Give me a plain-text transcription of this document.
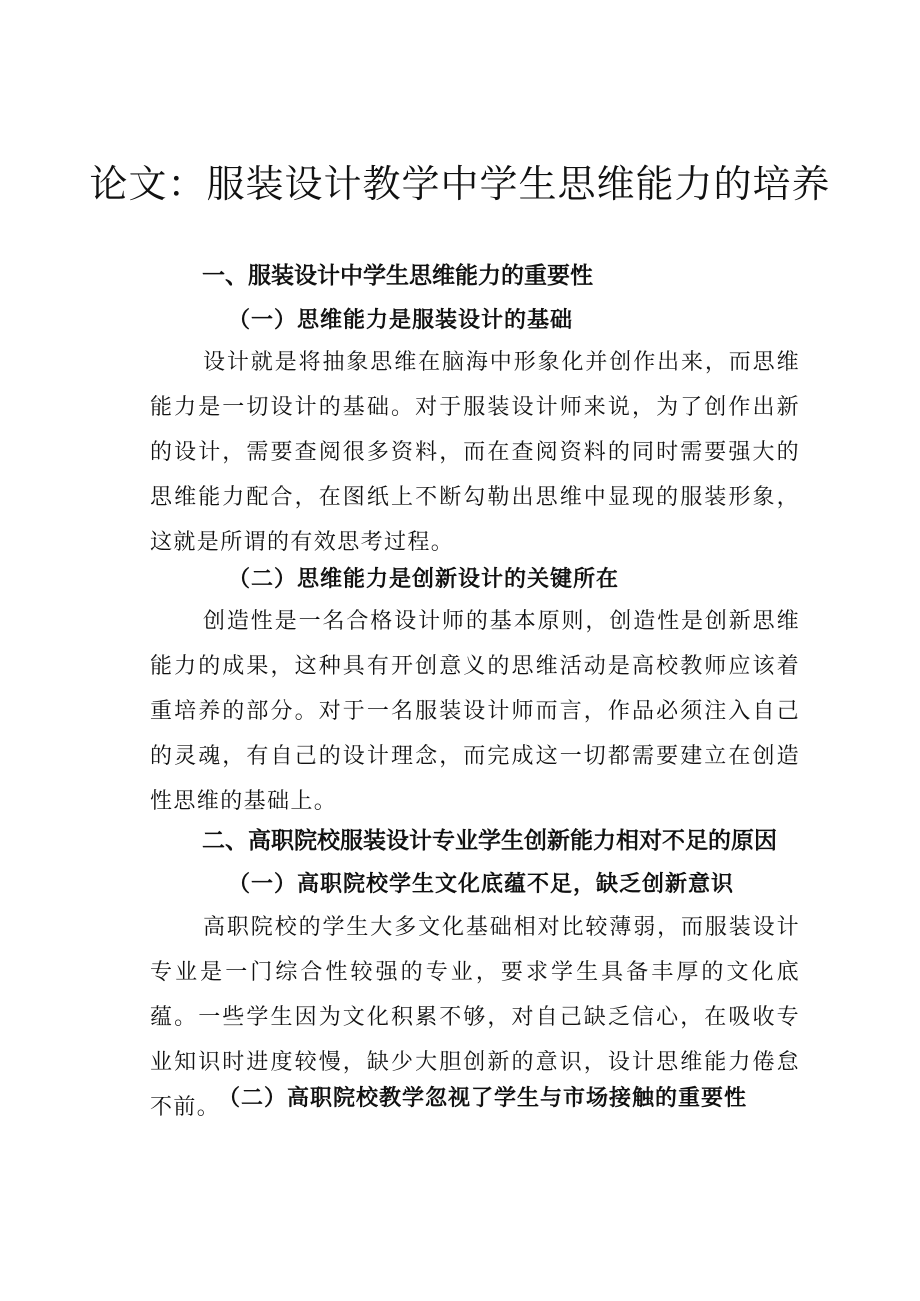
论文：服装设计教学中学生思维能力的培养
一、服装设计中学生思维能力的重要性
（一）思维能力是服装设计的基础

设计就是将抽象思维在脑海中形象化并创作出来，而思维能力是一切设计的基础。对于服装设计师来说，为了创作出新的设计，需要查阅很多资料，而在查阅资料的同时需要强大的思维能力配合，在图纸上不断勾勒出思维中显现的服装形象，这就是所谓的有效思考过程。

（二）思维能力是创新设计的关键所在

创造性是一名合格设计师的基本原则，创造性是创新思维能力的成果，这种具有开创意义的思维活动是高校教师应该着重培养的部分。对于一名服装设计师而言，作品必须注入自己的灵魂，有自己的设计理念，而完成这一切都需要建立在创造性思维的基础上。

二、高职院校服装设计专业学生创新能力相对不足的原因
（一）高职院校学生文化底蕴不足，缺乏创新意识

高职院校的学生大多文化基础相对比较薄弱，而服装设计专业是一门综合性较强的专业，要求学生具备丰厚的文化底蕴。一些学生因为文化积累不够，对自己缺乏信心，在吸收专业知识时进度较慢，缺少大胆创新的意识，设计思维能力倦怠不前。

（二）高职院校教学忽视了学生与市场接触的重要性
